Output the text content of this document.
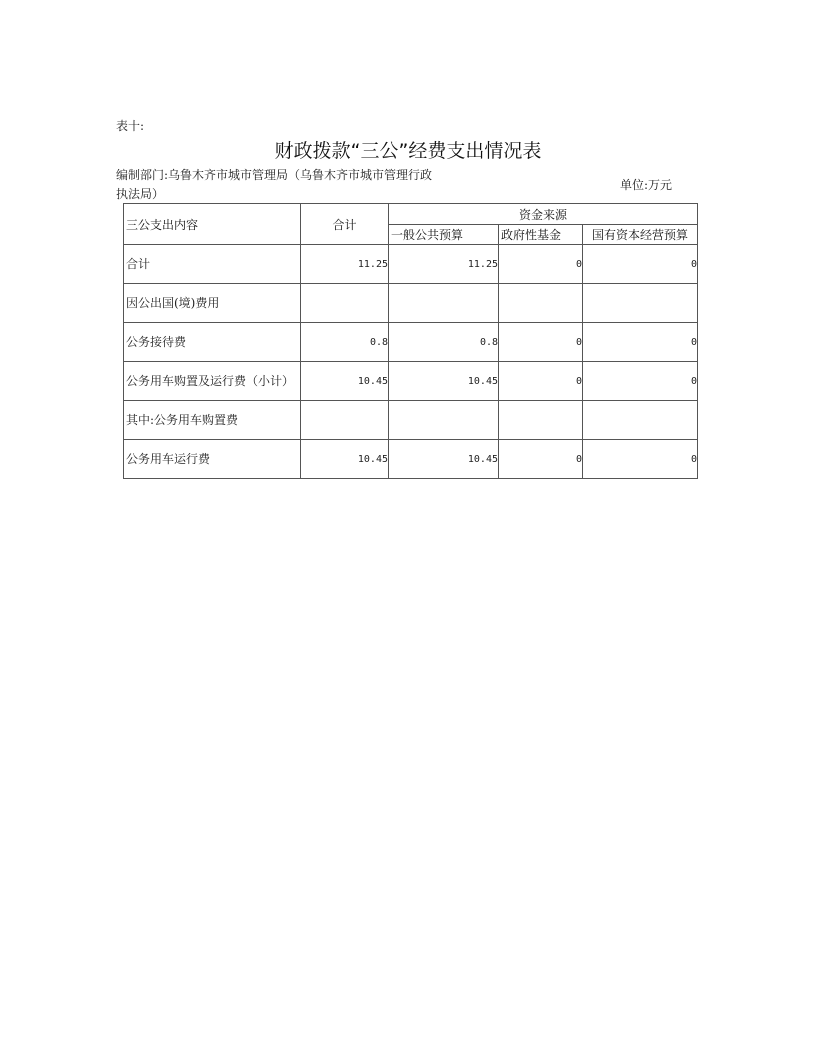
表十:
财政拨款“三公”经费支出情况表
编制部门:乌鲁木齐市城市管理局（乌鲁木齐市城市管理行政执法局）
单位:万元
三公支出内容	合计	资金来源		
		一般公共预算	政府性基金	国有资本经营预算
合计	11.25	11.25	0	0
因公出国(境)费用				
公务接待费	0.8	0.8	0	0
公务用车购置及运行费（小计）	10.45	10.45	0	0
其中:公务用车购置费				
公务用车运行费	10.45	10.45	0	0
